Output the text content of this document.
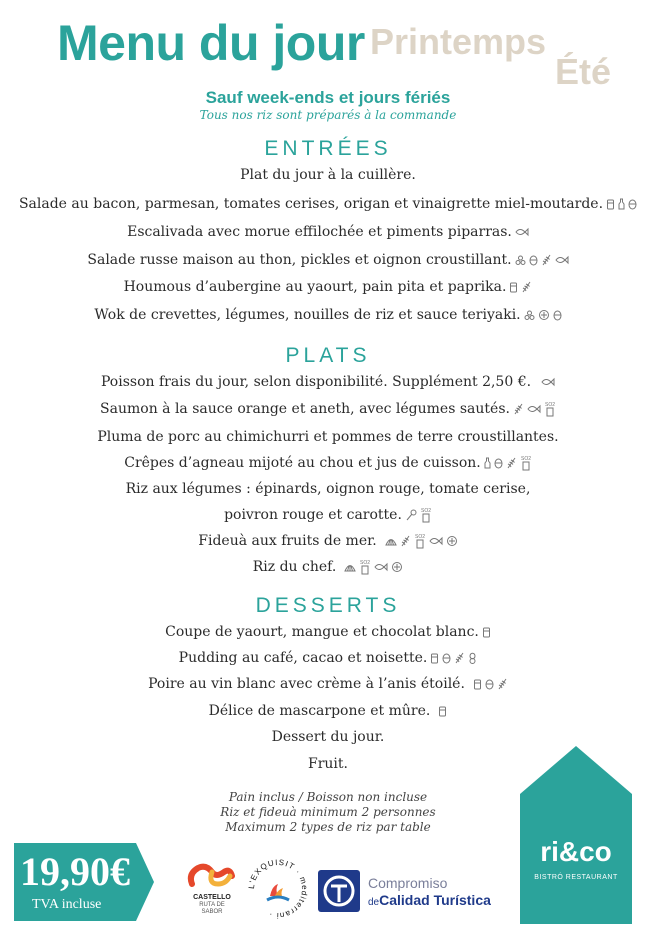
Menu du jour Printemps
Été
Sauf week-ends et jours fériés
Tous nos riz sont préparés à la commande
ENTRÉES
Plat du jour à la cuillère.
Salade au bacon, parmesan, tomates cerises, origan et vinaigrette miel-moutarde.
Escalivada avec morue effilochée et piments piparras.
Salade russe maison au thon, pickles et oignon croustillant.
Houmous d’aubergine au yaourt, pain pita et paprika.
Wok de crevettes, légumes, nouilles de riz et sauce teriyaki.
PLATS
Poisson frais du jour, selon disponibilité. Supplément 2,50 €.
Saumon à la sauce orange et aneth, avec légumes sautés.	SO2
Pluma de porc au chimichurri et pommes de terre croustillantes.
Crêpes d’agneau mijoté au chou et jus de cuisson.	SO2
Riz aux légumes : épinards, oignon rouge, tomate cerise,
poivron rouge et carotte.	SO2
Fideuà aux fruits de mer.	SO2
Riz du chef.	SO2
DESSERTS
Coupe de yaourt, mangue et chocolat blanc.
Pudding au café, cacao et noisette.
Poire au vin blanc avec crème à l’anis étoilé.
Délice de mascarpone et mûre.
Dessert du jour.
Fruit.
Pain inclus / Boisson non incluse
Riz et fideuà minimum 2 personnes
Maximum 2 types de riz par table
19,90€
TVA incluse	CASTELLO
RUTA DE
SABOR
L'EXQUISIT · mediterrani ·
Compromiso
deCalidad Turística
ri&co
BISTRÓ RESTAURANT
